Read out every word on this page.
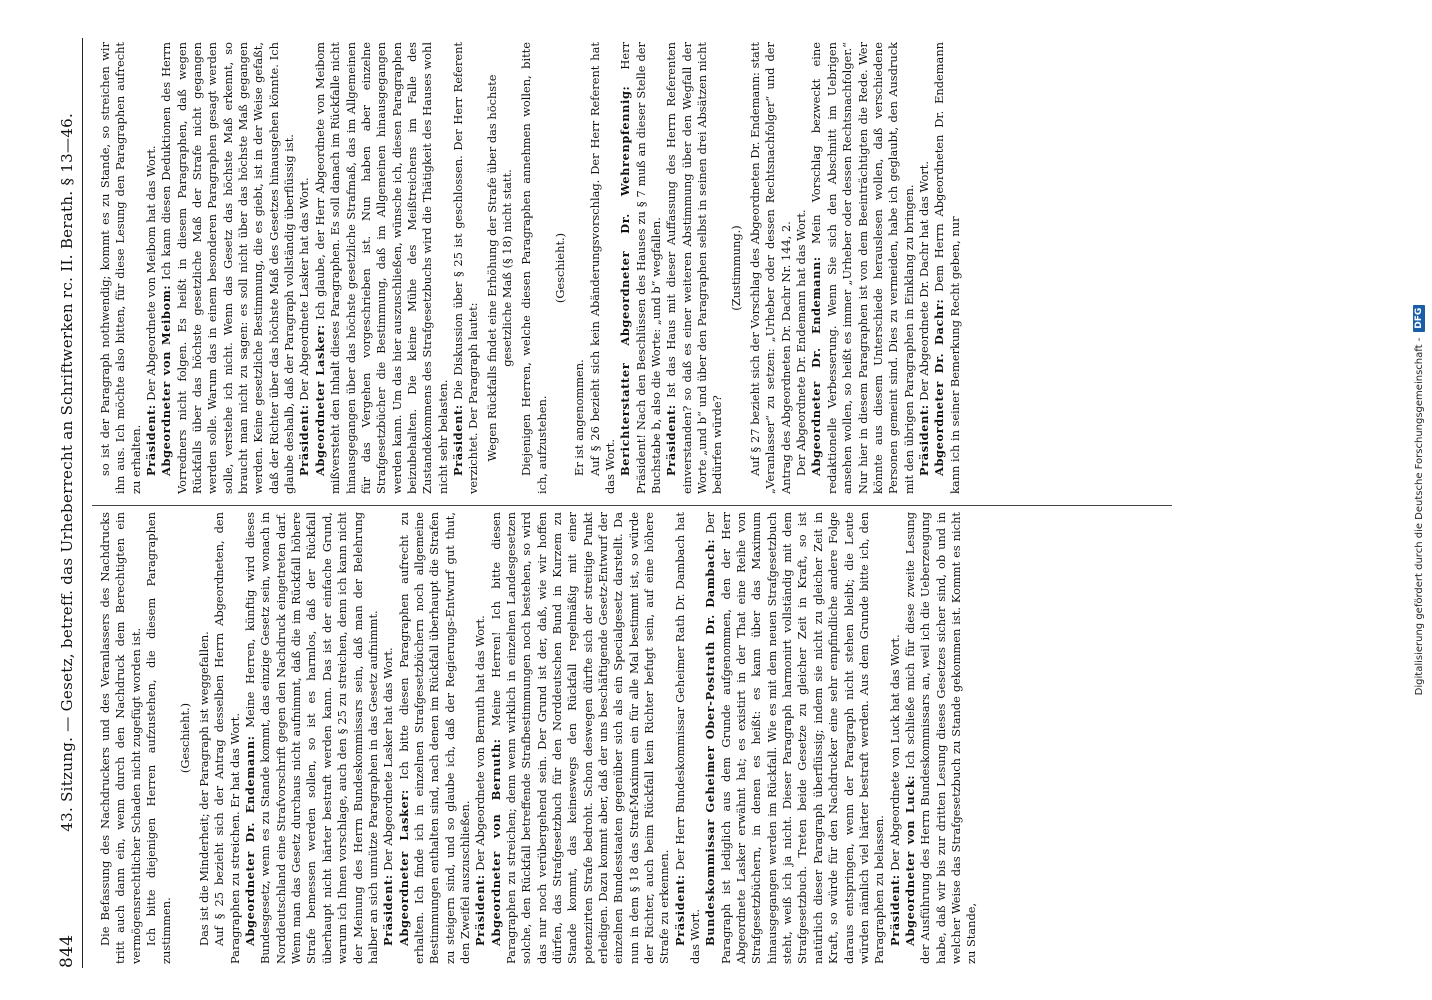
844
43. Sitzung. — Gesetz, betreff. das Urheberrecht an Schriftwerken rc. II. Berath. § 13—46. Die Befassung des Nachdruckers und des Veranlassers des Nachdrucks tritt auch dann ein, wenn durch den Nachdruck dem Berechtigten ein vermögensrechtlicher Schaden nicht zugefügt worden ist. Ich bitte diejenigen Herren aufzustehen, die diesem Paragraphen zustimmen.
(Geschieht.) Das ist die Minderheit; der Paragraph ist weggefallen. Auf § 25 bezieht sich der Antrag desselben Herrn Abgeordneten, den Paragraphen zu streichen. Er hat das Wort. Abgeordneter Dr. Endemann: Meine Herren, künftig wird dieses Bundesgesetz, wenn es zu Stande kommt, das einzige Gesetz sein, wonach in Norddeutschland eine Strafvorschrift gegen den Nachdruck eingetreten darf. Wenn man das Gesetz durchaus nicht aufnimmt, daß die im Rückfall höhere Strafe bemessen werden sollen, so ist es harmlos, daß der Rückfall überhaupt nicht härter bestraft werden kann. Das ist der einfache Grund, warum ich Ihnen vorschlage, auch den § 25 zu streichen, denn ich kann nicht der Meinung des Herrn Bundeskommissars sein, daß man der Belehrung halber an sich unnütze Paragraphen in das Gesetz aufnimmt. Präsident: Der Abgeordnete Lasker hat das Wort. Abgeordneter Lasker: Ich bitte diesen Paragraphen aufrecht zu erhalten. Ich finde ich in einzelnen Strafgesetzbüchern noch allgemeine Bestimmungen enthalten sind, nach denen im Rückfall überhaupt die Strafen zu steigern sind, und so glaube ich, daß der Regierungs-Entwurf gut thut, den Zweifel auszuschließen. Präsident: Der Abgeordnete von Bernuth hat das Wort. Abgeordneter von Bernuth: Meine Herren! Ich bitte diesen Paragraphen zu streichen; denn wenn wirklich in einzelnen Landesgesetzen solche, den Rückfall betreffende Strafbestimmungen noch bestehen, so wird das nur noch verübergehend sein. Der Grund ist der, daß, wie wir hoffen dürfen, das Strafgesetzbuch für den Norddeutschen Bund in Kurzem zu Stande kommt, das keineswegs den Rückfall regelmäßig mit einer potenzirten Strafe bedroht. Schon deswegen dürfte sich der streitige Punkt erledigen. Dazu kommt aber, daß der uns beschäftigende Gesetz-Entwurf der einzelnen Bundesstaaten gegenüber sich als ein Specialgesetz darstellt. Da nun in dem § 18 das Straf-Maximum ein für alle Mal bestimmt ist, so würde der Richter, auch beim Rückfall kein Richter befugt sein, auf eine höhere Strafe zu erkennen. Präsident: Der Herr Bundeskommissar Geheimer Rath Dr. Dambach hat das Wort. Bundeskommissar Geheimer Ober-Postrath Dr. Dambach: Der Paragraph ist lediglich aus dem Grunde aufgenommen, den der Herr Abgeordnete Lasker erwähnt hat; es existirt in der That eine Reihe von Strafgesetzbüchern, in denen es heißt: es kann über das Maximum hinausgegangen werden im Rückfall. Wie es mit dem neuen Strafgesetzbuch steht, weiß ich ja nicht. Dieser Paragraph harmonirt vollständig mit dem Strafgesetzbuch. Treten beide Gesetze zu gleicher Zeit in Kraft, so ist natürlich dieser Paragraph überflüssig; indem sie nicht zu gleicher Zeit in Kraft, so würde für den Nachdrucker eine sehr empfindliche andere Folge daraus entspringen, wenn der Paragraph nicht stehen bleibt; die Leute würden nämlich viel härter bestraft werden. Aus dem Grunde bitte ich, den Paragraphen zu belassen. Präsident: Der Abgeordnete von Luck hat das Wort. Abgeordneter von Luck: Ich schließe mich für diese zweite Lesung der Ausführung des Herrn Bundeskommissars an, weil ich die Ueberzeugung habe, daß wir bis zur dritten Lesung dieses Gesetzes sicher sind, ob und in welcher Weise das Strafgesetzbuch zu Stande gekommen ist. Kommt es nicht zu Stande,
so ist der Paragraph nothwendig; kommt es zu Stande, so streichen wir ihn aus. Ich möchte also bitten, für diese Lesung den Paragraphen aufrecht zu erhalten. Präsident: Der Abgeordnete von Meibom hat das Wort. Abgeordneter von Meibom: Ich kann diesen Deduktionen des Herrn Vorredners nicht folgen. Es heißt in diesem Paragraphen, daß wegen Rückfalls über das höchste gesetzliche Maß der Strafe nicht gegangen werden solle. Warum das in einem besonderen Paragraphen gesagt werden solle, verstehe ich nicht. Wenn das Gesetz das höchste Maß erkennt, so braucht man nicht zu sagen: es soll nicht über das höchste Maß gegangen werden. Keine gesetzliche Bestimmung, die es giebt, ist in der Weise gefaßt, daß der Richter über das höchste Maß des Gesetzes hinausgehen könnte. Ich glaube deshalb, daß der Paragraph vollständig überflüssig ist. Präsident: Der Abgeordnete Lasker hat das Wort. Abgeordneter Lasker: Ich glaube, der Herr Abgeordnete von Meibom mißversteht den Inhalt dieses Paragraphen. Es soll danach im Rückfalle nicht hinausgegangen über das höchste gesetzliche Strafmaß, das im Allgemeinen für das Vergehen vorgeschrieben ist. Nun haben aber einzelne Strafgesetzbücher die Bestimmung, daß im Allgemeinen hinausgegangen werden kann. Um das hier auszuschließen, wünsche ich, diesen Paragraphen beizubehalten. Die kleine Mühe des Meißtreichens im Falle des Zustandekommens des Strafgesetzbuchs wird die Thätigkeit des Hauses wohl nicht sehr belasten. Präsident: Die Diskussion über § 25 ist geschlossen. Der Herr Referent verzichtet. Der Paragraph lautet: Wegen Rückfalls findet eine Erhöhung der Strafe über das höchste gesetzliche Maß (§ 18) nicht statt. Diejenigen Herren, welche diesen Paragraphen annehmen wollen, bitte ich, aufzustehen.
(Geschieht.)
Er ist angenommen. Auf § 26 bezieht sich kein Abänderungsvorschlag. Der Herr Referent hat das Wort. Berichterstatter Abgeordneter Dr. Wehrenpfennig: Herr Präsident! Nach den Beschlüssen des Hauses zu § 7 muß an dieser Stelle der Buchstabe b, also die Worte: „und b“ wegfallen. Präsident: Ist das Haus mit dieser Auffassung des Herrn Referenten einverstanden? so daß es einer weiteren Abstimmung über den Wegfall der Worte „und b“ und über den Paragraphen selbst in seinen drei Absätzen nicht bedürfen würde?
(Zustimmung.) Auf § 27 bezieht sich der Vorschlag des Abgeordneten Dr. Endemann: statt „Veranlasser“ zu setzen: „Urheber oder dessen Rechtsnachfolger“ und der Antrag des Abgeordneten Dr. Dachr Nr. 144, 2. Der Abgeordnete Dr. Endemann hat das Wort. Abgeordneter Dr. Endemann: Mein Vorschlag bezweckt eine redaktionelle Verbesserung. Wenn Sie sich den Abschnitt im Uebrigen ansehen wollen, so heißt es immer „Urheber oder dessen Rechtsnachfolger.“ Nur hier in diesem Paragraphen ist von dem Beeinträchtigten die Rede. Wer könnte aus diesem Unterschiede herauslesen wollen, daß verschiedene Personen gemeint sind. Dies zu vermeiden, habe ich geglaubt, den Ausdruck mit den übrigen Paragraphen in Einklang zu bringen. Präsident: Der Abgeordnete Dr. Dachr hat das Wort. Abgeordneter Dr. Dachr: Dem Herrn Abgeordneten Dr. Endemann kann ich in seiner Bemerkung Recht geben, nur	Digitalisierung gefördert durch die Deutsche Forschungsgemeinschaft -
DFG
